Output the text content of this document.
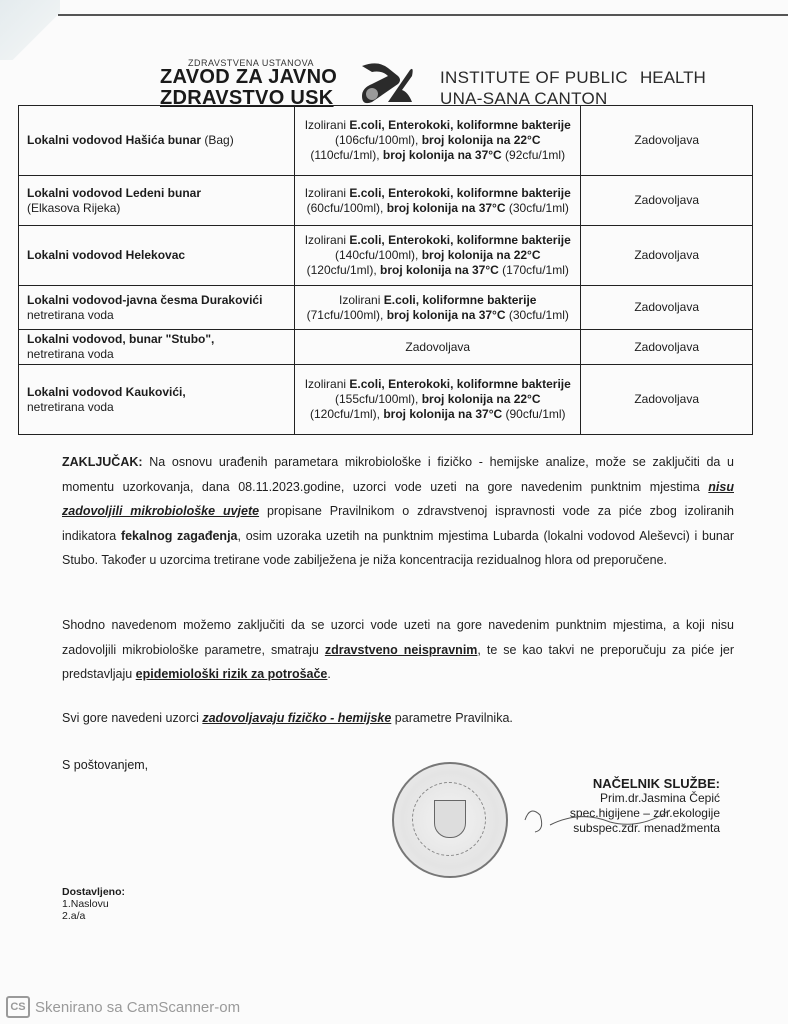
ZDRAVSTVENA USTANOVA
ZAVOD ZA JAVNO
ZDRAVSTVO USK
INSTITUTE OF PUBLIC HEALTH
UNA-SANA CANTON
Lokalni vodovod Hašića bunar (Bag)	Izolirani E.coli, Enterokoki, koliformne bakterije (106cfu/100ml), broj kolonija na 22°C (110cfu/1ml), broj kolonija na 37°C (92cfu/1ml)	Zadovoljava
Lokalni vodovod Ledeni bunar
(Elkasova Rijeka)	Izolirani E.coli, Enterokoki, koliformne bakterije (60cfu/100ml), broj kolonija na 37°C (30cfu/1ml)	Zadovoljava
Lokalni vodovod Helekovac	Izolirani E.coli, Enterokoki, koliformne bakterije (140cfu/100ml), broj kolonija na 22°C (120cfu/1ml), broj kolonija na 37°C (170cfu/1ml)	Zadovoljava
Lokalni vodovod-javna česma Durakovići
netretirana voda	Izolirani E.coli, koliformne bakterije (71cfu/100ml), broj kolonija na 37°C (30cfu/1ml)	Zadovoljava
Lokalni vodovod, bunar "Stubo",
netretirana voda	Zadovoljava	Zadovoljava
Lokalni vodovod Kaukovići,
netretirana voda	Izolirani E.coli, Enterokoki, koliformne bakterije (155cfu/100ml), broj kolonija na 22°C (120cfu/1ml), broj kolonija na 37°C (90cfu/1ml)	Zadovoljava
ZAKLJUČAK: Na osnovu urađenih parametara mikrobiološke i fizičko - hemijske analize, može se zaključiti da u momentu uzorkovanja, dana 08.11.2023.godine, uzorci vode uzeti na gore navedenim punktnim mjestima nisu zadovoljili mikrobiološke uvjete propisane Pravilnikom o zdravstvenoj ispravnosti vode za piće zbog izoliranih indikatora fekalnog zagađenja, osim uzoraka uzetih na punktnim mjestima Lubarda (lokalni vodovod Aleševci) i bunar Stubo. Također u uzorcima tretirane vode zabilježena je niža koncentracija rezidualnog hlora od preporučene.
Shodno navedenom možemo zaključiti da se uzorci vode uzeti na gore navedenim punktnim mjestima, a koji nisu zadovoljili mikrobiološke parametre, smatraju zdravstveno neispravnim, te se kao takvi ne preporučuju za piće jer predstavljaju epidemiološki rizik za potrošače.
Svi gore navedeni uzorci zadovoljavaju fizičko - hemijske parametre Pravilnika.
S poštovanjem,
NAČELNIK SLUŽBE:
Prim.dr.Jasmina Čepić
spec.higijene – zdr.ekologije
subspec.zdr. menadžmenta
Dostavljeno:
1.Naslovu
2.a/a
CS Skenirano sa CamScanner-om
